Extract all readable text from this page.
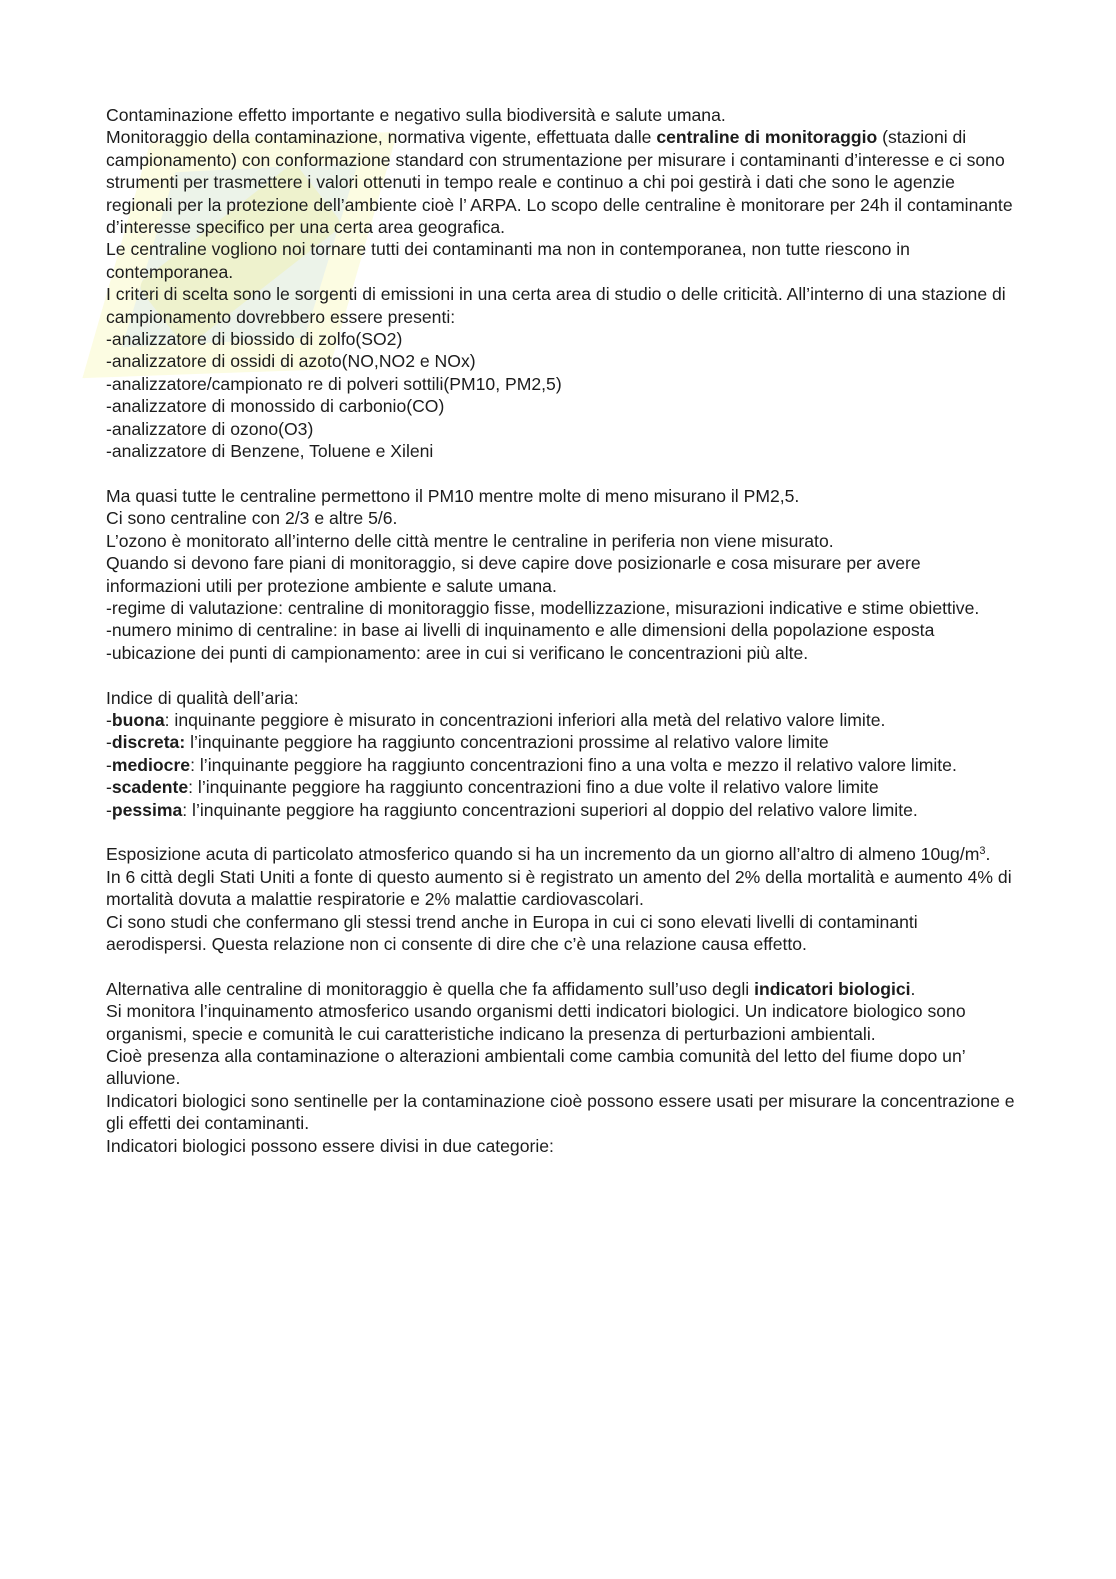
Contaminazione effetto importante e negativo sulla biodiversità e salute umana.

Monitoraggio della contaminazione, normativa vigente, effettuata dalle centraline di monitoraggio (stazioni di campionamento) con conformazione standard con strumentazione per misurare i contaminanti d’interesse e ci sono strumenti per trasmettere i valori ottenuti in tempo reale e continuo a chi poi gestirà i dati che sono le agenzie regionali per la protezione dell’ambiente cioè l’ ARPA. Lo scopo delle centraline è monitorare per 24h il contaminante d’interesse specifico per una certa area geografica.

Le centraline vogliono noi tornare tutti dei contaminanti ma non in contemporanea, non tutte riescono in contemporanea.

I criteri di scelta sono le sorgenti di emissioni in una certa area di studio o delle criticità. All’interno di una stazione di campionamento dovrebbero essere presenti:

-analizzatore di biossido di zolfo(SO2)

-analizzatore di ossidi di azoto(NO,NO2 e NOx)

-analizzatore/campionato re di polveri sottili(PM10, PM2,5)

-analizzatore di monossido di carbonio(CO)

-analizzatore di ozono(O3)

-analizzatore di Benzene, Toluene e Xileni

Ma quasi tutte le centraline permettono il PM10 mentre molte di meno misurano il PM2,5.

Ci sono centraline con 2/3 e altre 5/6.

L’ozono è monitorato all’interno delle città mentre le centraline in periferia non viene misurato.

Quando si devono fare piani di monitoraggio, si deve capire dove posizionarle e cosa misurare per avere informazioni utili per protezione ambiente e salute umana.

-regime di valutazione: centraline di monitoraggio fisse, modellizzazione, misurazioni indicative e stime obiettive.

-numero minimo di centraline: in base ai livelli di inquinamento e alle dimensioni della popolazione esposta

-ubicazione dei punti di campionamento: aree in cui si verificano le concentrazioni più alte.

Indice di qualità dell’aria:

-buona: inquinante peggiore è misurato in concentrazioni inferiori alla metà del relativo valore limite.

-discreta: l’inquinante peggiore ha raggiunto concentrazioni prossime al relativo valore limite

-mediocre: l’inquinante peggiore ha raggiunto concentrazioni fino a una volta e mezzo il relativo valore limite.

-scadente: l’inquinante peggiore ha raggiunto concentrazioni fino a due volte il relativo valore limite

-pessima: l’inquinante peggiore ha raggiunto concentrazioni superiori al doppio del relativo valore limite.

Esposizione acuta di particolato atmosferico quando si ha un incremento da un giorno all’altro di almeno $10ug/m^3$.

In 6 città degli Stati Uniti a fonte di questo aumento si è registrato un amento del 2% della mortalità e aumento 4% di mortalità dovuta a malattie respiratorie e 2% malattie cardiovascolari.

Ci sono studi che confermano gli stessi trend anche in Europa in cui ci sono elevati livelli di contaminanti aerodispersi. Questa relazione non ci consente di dire che c’è una relazione causa effetto.

Alternativa alle centraline di monitoraggio è quella che fa affidamento sull’uso degli indicatori biologici.

Si monitora l’inquinamento atmosferico usando organismi detti indicatori biologici. Un indicatore biologico sono organismi, specie e comunità le cui caratteristiche indicano la presenza di perturbazioni ambientali.

Cioè presenza alla contaminazione o alterazioni ambientali come cambia comunità del letto del fiume dopo un’ alluvione.

Indicatori biologici sono sentinelle per la contaminazione cioè possono essere usati per misurare la concentrazione e gli effetti dei contaminanti.

Indicatori biologici possono essere divisi in due categorie:
